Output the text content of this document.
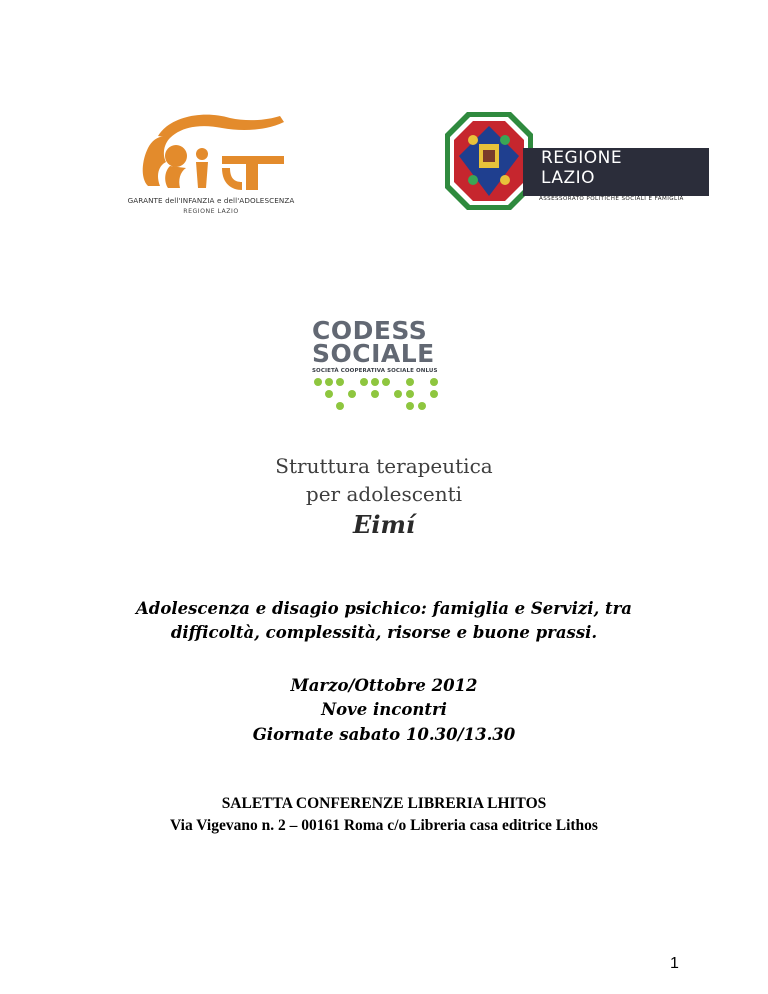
GARANTE dell'INFANZIA e dell'ADOLESCENZA
REGIONE LAZIO
REGIONE
LAZIO
ASSESSORATO POLITICHE SOCIALI E FAMIGLIA
CODESS
SOCIALE
SOCIETÀ COOPERATIVA SOCIALE ONLUS
Struttura terapeutica
per adolescenti
Eimí
Adolescenza e disagio psichico: famiglia e Servizi, tra
difficoltà, complessità, risorse e buone prassi.
Marzo/Ottobre 2012
Nove incontri
Giornate sabato 10.30/13.30
SALETTA CONFERENZE LIBRERIA LHITOS
Via Vigevano n. 2 – 00161 Roma c/o Libreria casa editrice Lithos
1
